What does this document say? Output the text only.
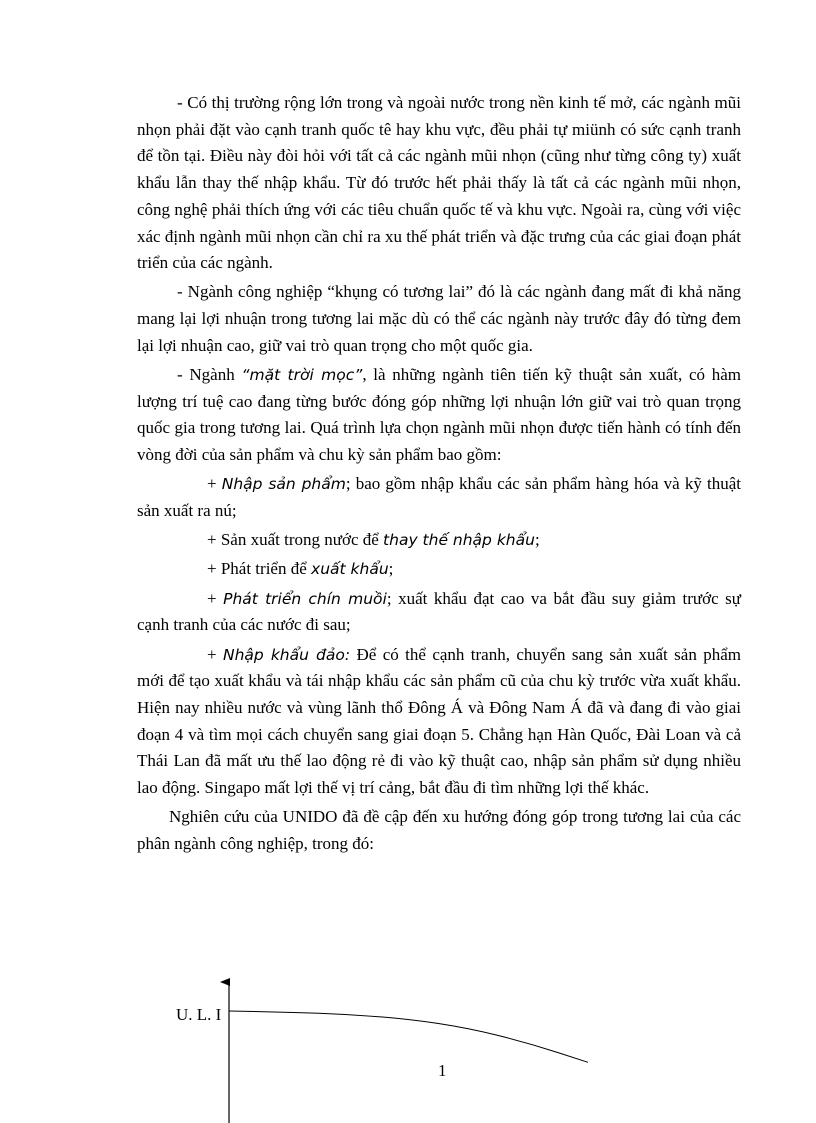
- Có thị trường rộng lớn trong và ngoài nước trong nền kinh tế mở, các ngành mũi nhọn phải đặt vào cạnh tranh quốc tê hay khu vực, đều phải tự miünh có sức cạnh tranh để tồn tại. Điều này đòi hỏi với tất cả các ngành mũi nhọn (cũng như từng công ty) xuất khẩu lẫn thay thế nhập khẩu. Từ đó trước hết phải thấy là tất cả các ngành mũi nhọn, công nghệ phải thích ứng với các tiêu chuẩn quốc tế và khu vực. Ngoài ra, cùng với việc xác định ngành mũi nhọn cần chỉ ra xu thế phát triển và đặc trưng của các giai đoạn phát triển của các ngành.

- Ngành công nghiệp “khụng có tương lai” đó là các ngành đang mất đi khả năng mang lại lợi nhuận trong tương lai mặc dù có thể các ngành này trước đây đó từng đem lại lợi nhuận cao, giữ vai trò quan trọng cho một quốc gia.

- Ngành “mặt trời mọc”, là những ngành tiên tiến kỹ thuật sản xuất, có hàm lượng trí tuệ cao đang từng bước đóng góp những lợi nhuận lớn giữ vai trò quan trọng quốc gia trong tương lai. Quá trình lựa chọn ngành mũi nhọn được tiến hành có tính đến vòng đời của sản phẩm và chu kỳ sản phẩm bao gồm:

+ Nhập sản phẩm; bao gồm nhập khẩu các sản phẩm hàng hóa và kỹ thuật sản xuất ra nú;

+ Sản xuất trong nước để thay thế nhập khẩu;

+ Phát triển để xuất khẩu;

+ Phát triển chín muồi; xuất khẩu đạt cao va bắt đầu suy giảm trước sự cạnh tranh của các nước đi sau;

+ Nhập khẩu đảo: Để có thể cạnh tranh, chuyển sang sản xuất sản phẩm mới để tạo xuất khẩu và tái nhập khẩu các sản phẩm cũ của chu kỳ trước vừa xuất khẩu. Hiện nay nhiều nước và vùng lãnh thổ Đông Á và Đông Nam Á đã và đang đi vào giai đoạn 4 và tìm mọi cách chuyển sang giai đoạn 5. Chẳng hạn Hàn Quốc, Đài Loan và cả Thái Lan đã mất ưu thế lao động rẻ đi vào kỹ thuật cao, nhập sản phẩm sử dụng nhiều lao động. Singapo mất lợi thế vị trí cảng, bắt đầu đi tìm những lợi thế khác.

Nghiên cứu của UNIDO đã đề cập đến xu hướng đóng góp trong tương lai của các phân ngành công nghiệp, trong đó:

U. L. I
1
